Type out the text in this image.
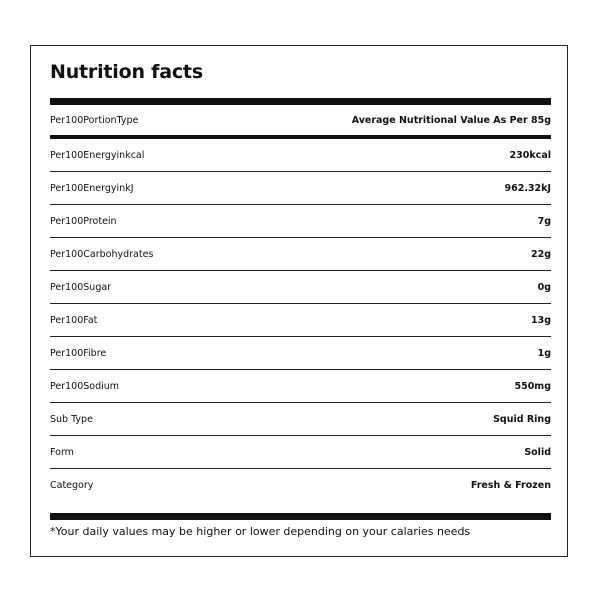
Nutrition facts
Per100PortionType	Average Nutritional Value As Per 85g
Per100Energyinkcal	230kcal
Per100EnergyinkJ	962.32kJ
Per100Protein	7g
Per100Carbohydrates	22g
Per100Sugar	0g
Per100Fat	13g
Per100Fibre	1g
Per100Sodium	550mg
Sub Type	Squid Ring
Form	Solid
Category	Fresh & Frozen
*Your daily values may be higher or lower depending on your calaries needs
